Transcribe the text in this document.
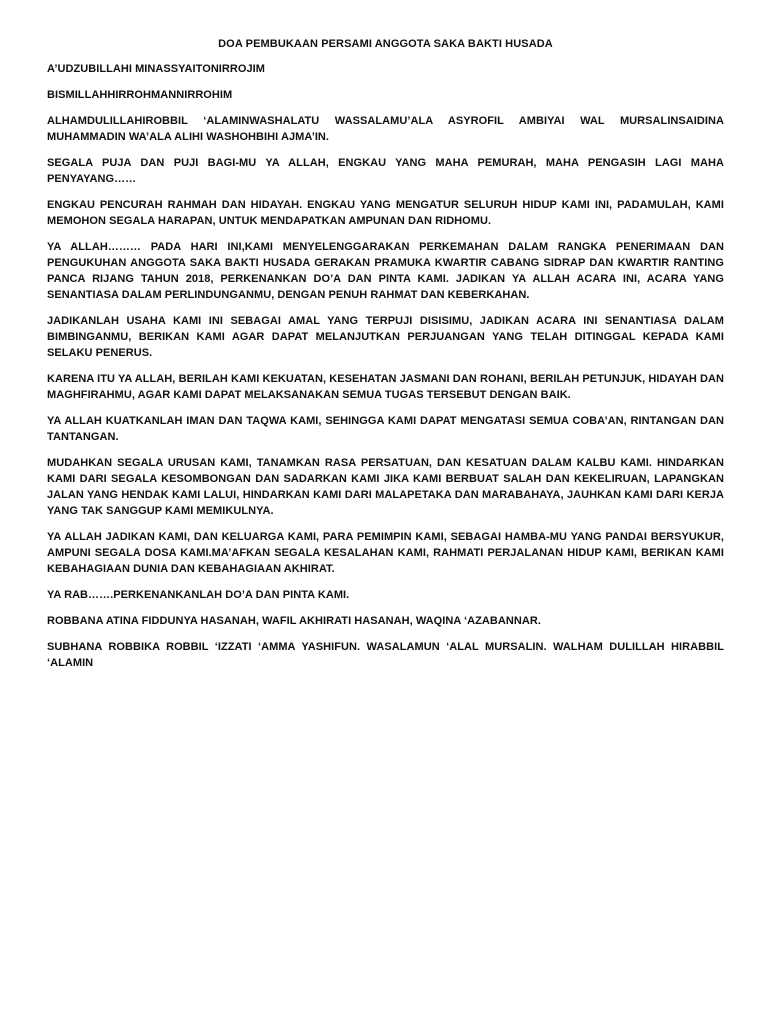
DOA PEMBUKAAN PERSAMI ANGGOTA SAKA BAKTI HUSADA

A’UDZUBILLAHI MINASSYAITONIRROJIM

BISMILLAHHIRROHMANNIRROHIM

ALHAMDULILLAHIROBBIL ‘ALAMINWASHALATU WASSALAMU’ALA ASYROFIL AMBIYAI WAL MURSALINSAIDINA MUHAMMADIN WA’ALA ALIHI WASHOHBIHI AJMA’IN.

SEGALA PUJA DAN PUJI BAGI-MU YA ALLAH, ENGKAU YANG MAHA PEMURAH, MAHA PENGASIH LAGI MAHA PENYAYANG……

ENGKAU PENCURAH RAHMAH DAN HIDAYAH. ENGKAU YANG MENGATUR SELURUH HIDUP KAMI INI, PADAMULAH, KAMI MEMOHON SEGALA HARAPAN, UNTUK MENDAPATKAN AMPUNAN DAN RIDHOMU.

YA ALLAH……… PADA HARI INI,KAMI MENYELENGGARAKAN PERKEMAHAN DALAM RANGKA PENERIMAAN DAN PENGUKUHAN ANGGOTA SAKA BAKTI HUSADA GERAKAN PRAMUKA KWARTIR CABANG SIDRAP DAN KWARTIR RANTING PANCA RIJANG TAHUN 2018, PERKENANKAN DO’A DAN PINTA KAMI. JADIKAN YA ALLAH ACARA INI, ACARA YANG SENANTIASA DALAM PERLINDUNGANMU, DENGAN PENUH RAHMAT DAN KEBERKAHAN.

JADIKANLAH USAHA KAMI INI SEBAGAI AMAL YANG TERPUJI DISISIMU, JADIKAN ACARA INI SENANTIASA DALAM BIMBINGANMU, BERIKAN KAMI AGAR DAPAT MELANJUTKAN PERJUANGAN YANG TELAH DITINGGAL KEPADA KAMI SELAKU PENERUS.

KARENA ITU YA ALLAH, BERILAH KAMI KEKUATAN, KESEHATAN JASMANI DAN ROHANI, BERILAH PETUNJUK, HIDAYAH DAN MAGHFIRAHMU, AGAR KAMI DAPAT MELAKSANAKAN SEMUA TUGAS TERSEBUT DENGAN BAIK.

YA ALLAH KUATKANLAH IMAN DAN TAQWA KAMI, SEHINGGA KAMI DAPAT MENGATASI SEMUA COBA’AN, RINTANGAN DAN TANTANGAN.

MUDAHKAN SEGALA URUSAN KAMI, TANAMKAN RASA PERSATUAN, DAN KESATUAN DALAM KALBU KAMI. HINDARKAN KAMI DARI SEGALA KESOMBONGAN DAN SADARKAN KAMI JIKA KAMI BERBUAT SALAH DAN KEKELIRUAN, LAPANGKAN JALAN YANG HENDAK KAMI LALUI, HINDARKAN KAMI DARI MALAPETAKA DAN MARABAHAYA, JAUHKAN KAMI DARI KERJA YANG TAK SANGGUP KAMI MEMIKULNYA.

YA ALLAH JADIKAN KAMI, DAN KELUARGA KAMI, PARA PEMIMPIN KAMI, SEBAGAI HAMBA-MU YANG PANDAI BERSYUKUR, AMPUNI SEGALA DOSA KAMI.MA’AFKAN SEGALA KESALAHAN KAMI, RAHMATI PERJALANAN HIDUP KAMI, BERIKAN KAMI KEBAHAGIAAN DUNIA DAN KEBAHAGIAAN AKHIRAT.

YA RAB…….PERKENANKANLAH DO’A DAN PINTA KAMI.

ROBBANA ATINA FIDDUNYA HASANAH, WAFIL AKHIRATI HASANAH, WAQINA ‘AZABANNAR.

SUBHANA ROBBIKA ROBBIL ‘IZZATI ‘AMMA YASHIFUN. WASALAMUN ‘ALAL MURSALIN. WALHAM DULILLAH HIRABBIL ‘ALAMIN
